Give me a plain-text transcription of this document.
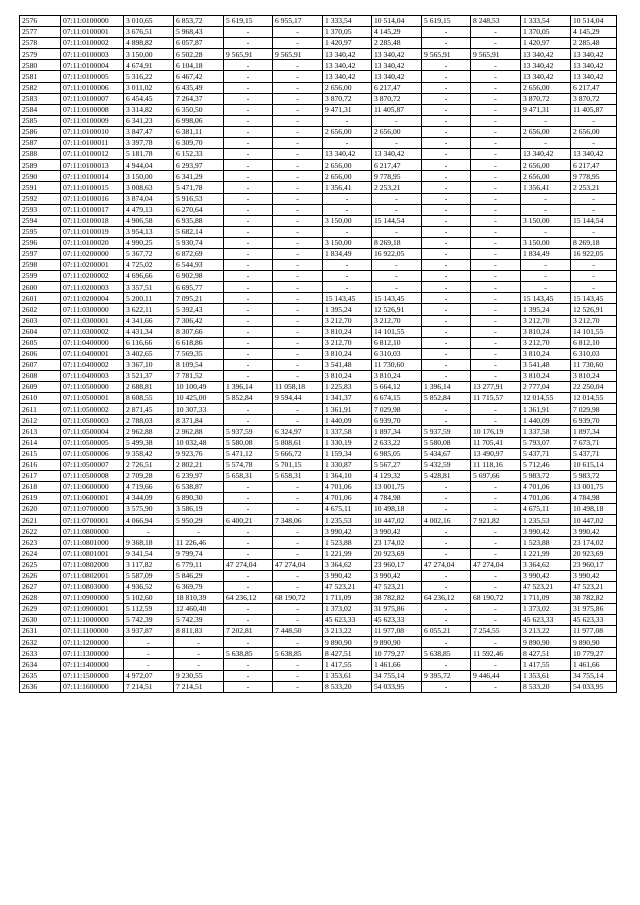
2576	07:11:0100000	3 010,65	6 853,72	5 619,15	6 955,17	1 333,54	10 514,04	5 619,15	8 248,53	1 333,54	10 514,04
2577	07:11:0100001	3 676,51	5 968,43	-	-	1 370,05	4 145,29	-	-	1 370,05	4 145,29
2578	07:11:0100002	4 898,82	6 057,87	-	-	1 420,97	2 285,48	-	-	1 420,97	2 285,48
2579	07:11:0100003	3 150,00	6 502,28	9 565,91	9 565,91	13 340,42	13 340,42	9 565,91	9 565,91	13 340,42	13 340,42
2580	07:11:0100004	4 674,91	6 104,18	-	-	13 340,42	13 340,42	-	-	13 340,42	13 340,42
2581	07:11:0100005	5 316,22	6 467,42	-	-	13 340,42	13 340,42	-	-	13 340,42	13 340,42
2582	07:11:0100006	3 011,02	6 435,49	-	-	2 656,00	6 217,47	-	-	2 656,00	6 217,47
2583	07:11:0100007	6 454,45	7 264,37	-	-	3 870,72	3 870,72	-	-	3 870,72	3 870,72
2584	07:11:0100008	3 314,82	6 350,50	-	-	9 471,31	11 405,87	-	-	9 471,31	11 405,87
2585	07:11:0100009	6 341,23	6 998,06	-	-	-	-	-	-	-	-
2586	07:11:0100010	3 847,47	6 381,11	-	-	2 656,00	2 656,00	-	-	2 656,00	2 656,00
2587	07:11:0100011	3 397,78	6 309,70	-	-	-	-	-	-	-	-
2588	07:11:0100012	5 181,78	6 152,33	-	-	13 340,42	13 340,42	-	-	13 340,42	13 340,42
2589	07:11:0100013	4 944,04	6 293,97	-	-	2 656,00	6 217,47	-	-	2 656,00	6 217,47
2590	07:11:0100014	3 150,00	6 341,29	-	-	2 656,00	9 778,95	-	-	2 656,00	9 778,95
2591	07:11:0100015	3 008,63	5 471,78	-	-	1 356,41	2 253,21	-	-	1 356,41	2 253,21
2592	07:11:0100016	3 874,04	5 916,53	-	-	-	-	-	-	-	-
2593	07:11:0100017	4 479,13	6 270,64	-	-	-	-	-	-	-	-
2594	07:11:0100018	4 906,58	6 935,88	-	-	3 150,00	15 144,54	-	-	3 150,00	15 144,54
2595	07:11:0100019	3 954,13	5 682,14	-	-	-	-	-	-	-	-
2596	07:11:0100020	4 990,25	5 930,74	-	-	3 150,00	8 269,18	-	-	3 150,00	8 269,18
2597	07:11:0200000	5 367,72	6 872,69	-	-	1 834,49	16 922,05	-	-	1 834,49	16 922,05
2598	07:11:0200001	4 725,02	6 544,93	-	-	-	-	-	-	-	-
2599	07:11:0200002	4 696,66	6 902,98	-	-	-	-	-	-	-	-
2600	07:11:0200003	3 357,51	6 695,77	-	-	-	-	-	-	-	-
2601	07:11:0200004	5 200,11	7 095,21	-	-	15 143,45	15 143,45	-	-	15 143,45	15 143,45
2602	07:11:0300000	3 622,11	5 392,43	-	-	1 395,24	12 526,91	-	-	1 395,24	12 526,91
2603	07:11:0300001	4 341,66	7 306,42	-	-	3 212,70	3 212,70	-	-	3 212,70	3 212,70
2604	07:11:0300002	4 431,34	8 307,66	-	-	3 810,24	14 101,55	-	-	3 810,24	14 101,55
2605	07:11:0400000	6 116,66	6 618,86	-	-	3 212,70	6 812,10	-	-	3 212,70	6 812,10
2606	07:11:0400001	3 402,65	7 569,35	-	-	3 810,24	6 310,03	-	-	3 810,24	6 310,03
2607	07:11:0400002	3 367,10	8 109,54	-	-	3 541,48	11 730,60	-	-	3 541,48	11 730,60
2608	07:11:0400003	3 521,37	7 781,52	-	-	3 810,24	3 810,24	-	-	3 810,24	3 810,24
2609	07:11:0500000	2 688,81	10 100,49	1 396,14	11 058,18	1 225,83	5 664,12	1 396,14	13 277,91	2 777,04	22 250,04
2610	07:11:0500001	8 608,55	10 425,00	5 852,84	9 594,44	1 341,37	6 674,15	5 852,84	11 715,57	12 014,55	12 014,55
2611	07:11:0500002	2 871,45	10 307,33	-	-	1 361,91	7 029,98	-	-	1 361,91	7 029,98
2612	07:11:0500003	2 788,03	8 371,84	-	-	1 440,09	6 939,70	-	-	1 440,09	6 939,70
2613	07:11:0500004	2 962,88	2 962,88	5 937,59	6 324,97	1 337,58	1 897,34	5 937,59	10 176,19	1 337,58	1 897,34
2614	07:11:0500005	5 499,38	10 032,48	5 580,08	5 808,61	1 330,19	2 633,22	5 580,08	11 705,41	5 793,07	7 673,71
2615	07:11:0500006	9 358,42	9 923,76	5 471,12	5 666,72	1 159,34	6 985,05	5 434,67	13 490,97	5 437,71	5 437,71
2616	07:11:0500007	2 726,51	2 802,21	5 574,78	5 701,15	1 330,87	5 567,27	5 432,59	11 118,16	5 712,46	10 615,14
2617	07:11:0500008	2 709,28	6 239,97	5 658,31	5 658,31	1 364,10	4 129,32	5 428,81	5 697,66	5 983,72	5 983,72
2618	07:11:0600000	4 719,66	6 538,87	-	-	4 701,06	13 001,75	-	-	4 701,06	13 001,75
2619	07:11:0600001	4 344,09	6 890,30	-	-	4 701,06	4 784,98	-	-	4 701,06	4 784,98
2620	07:11:0700000	3 575,90	3 586,19	-	-	4 675,11	10 498,18	-	-	4 675,11	10 498,18
2621	07:11:0700001	4 066,94	5 950,29	6 400,21	7 348,06	1 235,53	10 447,02	4 002,16	7 921,82	1 235,53	10 447,02
2622	07:11:0800000	-	-	-	-	3 990,42	3 990,42	-	-	3 990,42	3 990,42
2623	07:11:0801000	9 368,18	11 226,46	-	-	1 523,88	23 174,02	-	-	1 523,88	23 174,02
2624	07:11:0801001	9 341,54	9 799,74	-	-	1 221,99	20 923,69	-	-	1 221,99	20 923,69
2625	07:11:0802000	3 117,82	6 779,11	47 274,04	47 274,04	3 364,62	23 960,17	47 274,04	47 274,04	3 364,62	23 960,17
2626	07:11:0802001	5 587,09	5 846,29	-	-	3 990,42	3 990,42	-	-	3 990,42	3 990,42
2627	07:11:0803000	4 936,52	6 369,79	-	-	47 523,21	47 523,21	-	-	47 523,21	47 523,21
2628	07:11:0900000	5 102,60	18 810,39	64 236,12	68 190,72	1 711,09	38 782,82	64 236,12	68 190,72	1 711,09	38 782,82
2629	07:11:0900001	5 112,59	12 460,40	-	-	1 373,02	31 975,86	-	-	1 373,02	31 975,86
2630	07:11:1000000	5 742,39	5 742,39	-	-	45 623,33	45 623,33	-	-	45 623,33	45 623,33
2631	07:11:1100000	3 937,87	8 811,83	7 202,81	7 448,50	3 213,22	11 977,08	6 055,21	7 254,55	3 213,22	11 977,08
2632	07:11:1200000	-	-	-	-	9 890,90	9 890,90	-	-	9 890,90	9 890,90
2633	07:11:1300000	-	-	5 638,85	5 638,85	8 427,51	10 779,27	5 638,85	11 592,46	8 427,51	10 779,27
2634	07:11:1400000	-	-	-	-	1 417,55	1 461,66	-	-	1 417,55	1 461,66
2635	07:11:1500000	4 972,07	9 230,55	-	-	1 353,61	34 755,14	9 395,72	9 446,44	1 353,61	34 755,14
2636	07:11:1600000	7 214,51	7 214,51	-	-	8 533,20	54 033,95	-	-	8 533,20	54 033,95
